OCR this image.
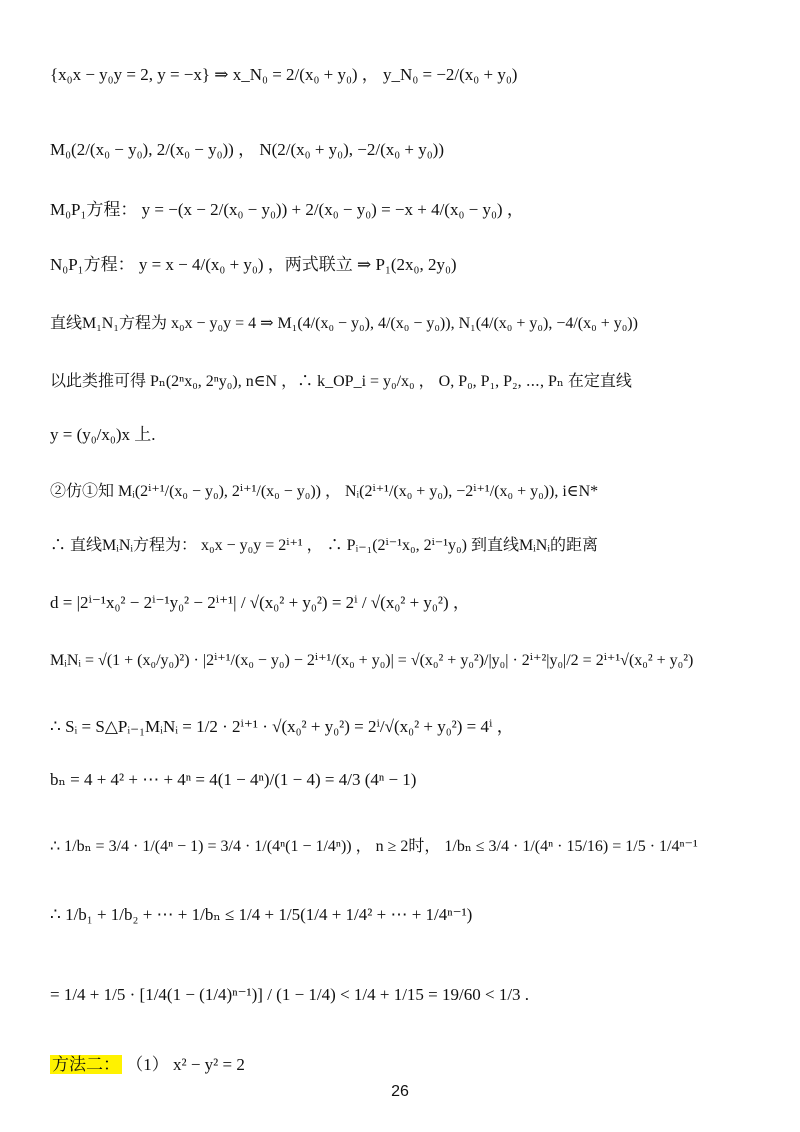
{x₀x − y₀y = 2, y = −x} ⇒ x_N₀ = 2/(x₀ + y₀) ， y_N₀ = −2/(x₀ + y₀)
M₀(2/(x₀ − y₀), 2/(x₀ − y₀)) ， N(2/(x₀ + y₀), −2/(x₀ + y₀))
M₀P₁方程： y = −(x − 2/(x₀ − y₀)) + 2/(x₀ − y₀) = −x + 4/(x₀ − y₀) ，
N₀P₁方程： y = x − 4/(x₀ + y₀) ，两式联立 ⇒ P₁(2x₀, 2y₀)
直线M₁N₁方程为 x₀x − y₀y = 4 ⇒ M₁(4/(x₀ − y₀), 4/(x₀ − y₀)), N₁(4/(x₀ + y₀), −4/(x₀ + y₀))
以此类推可得 Pₙ(2ⁿx₀, 2ⁿy₀), n∈N ，∴ k_OP_i = y₀/x₀ ， O, P₀, P₁, P₂, ⋯, Pₙ 在定直线
y = (y₀/x₀)x 上.
②仿①知 Mᵢ(2ⁱ⁺¹/(x₀ − y₀), 2ⁱ⁺¹/(x₀ − y₀)) ， Nᵢ(2ⁱ⁺¹/(x₀ + y₀), −2ⁱ⁺¹/(x₀ + y₀)), i∈N*
∴ 直线MᵢNᵢ方程为： x₀x − y₀y = 2ⁱ⁺¹ ， ∴ Pᵢ₋₁(2ⁱ⁻¹x₀, 2ⁱ⁻¹y₀) 到直线MᵢNᵢ的距离
d = |2ⁱ⁻¹x₀² − 2ⁱ⁻¹y₀² − 2ⁱ⁺¹| / √(x₀² + y₀²) = 2ⁱ / √(x₀² + y₀²) ，
MᵢNᵢ = √(1 + (x₀/y₀)²) · |2ⁱ⁺¹/(x₀ − y₀) − 2ⁱ⁺¹/(x₀ + y₀)| = √(x₀² + y₀²)/|y₀| · 2ⁱ⁺²|y₀|/2 = 2ⁱ⁺¹√(x₀² + y₀²)
∴ Sᵢ = S△Pᵢ₋₁MᵢNᵢ = 1/2 · 2ⁱ⁺¹ · √(x₀² + y₀²) = 2ⁱ/√(x₀² + y₀²) = 4ⁱ ，
bₙ = 4 + 4² + ⋯ + 4ⁿ = 4(1 − 4ⁿ)/(1 − 4) = 4/3 (4ⁿ − 1)
∴ 1/bₙ = 3/4 · 1/(4ⁿ − 1) = 3/4 · 1/(4ⁿ(1 − 1/4ⁿ)) ， n ≥ 2时， 1/bₙ ≤ 3/4 · 1/(4ⁿ · 15/16) = 1/5 · 1/4ⁿ⁻¹
∴ 1/b₁ + 1/b₂ + ⋯ + 1/bₙ ≤ 1/4 + 1/5(1/4 + 1/4² + ⋯ + 1/4ⁿ⁻¹)
= 1/4 + 1/5 · [1/4(1 − (1/4)ⁿ⁻¹)] / (1 − 1/4) < 1/4 + 1/15 = 19/60 < 1/3 .
方法二： （1） x² − y² = 2
26
